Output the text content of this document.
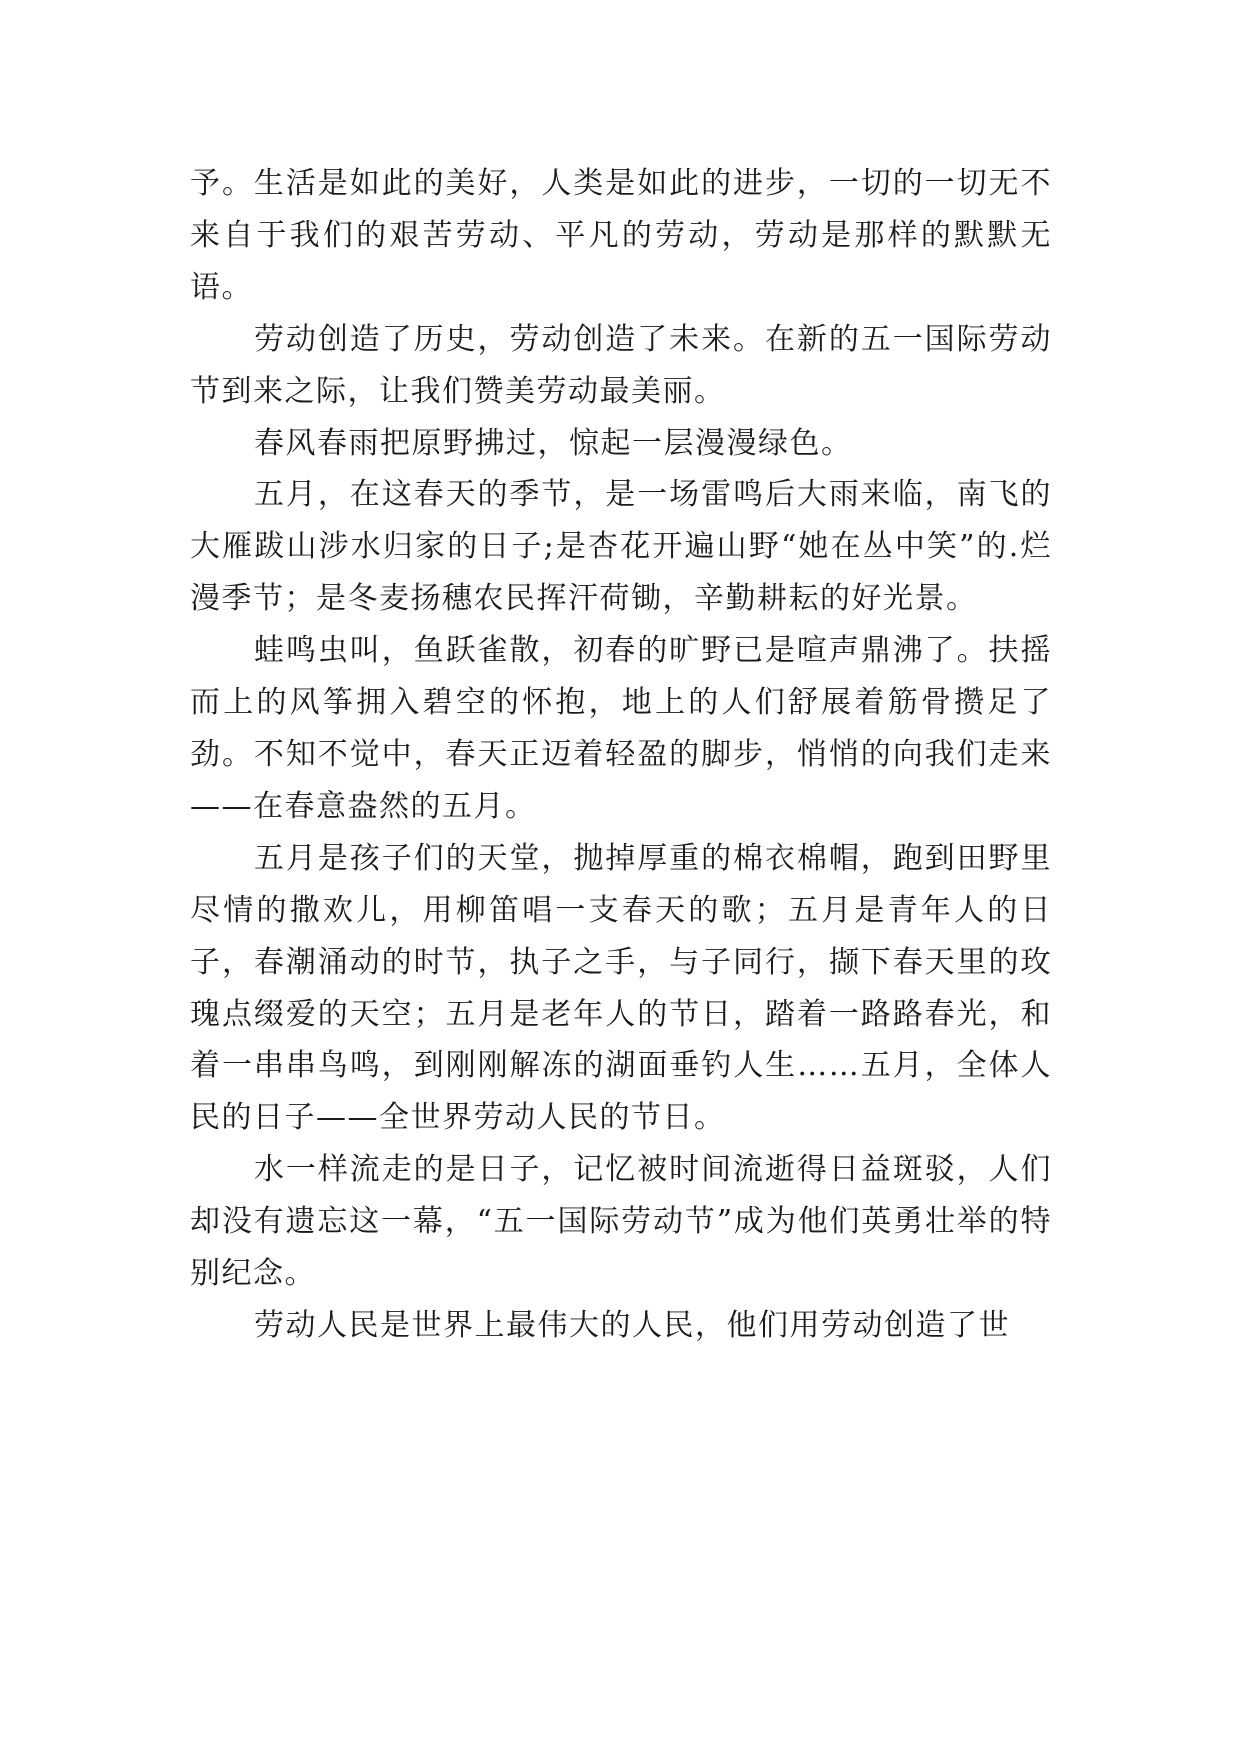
予。生活是如此的美好，人类是如此的进步，一切的一切无不来自于我们的艰苦劳动、平凡的劳动，劳动是那样的默默无语。

劳动创造了历史，劳动创造了未来。在新的五一国际劳动节到来之际，让我们赞美劳动最美丽。

春风春雨把原野拂过，惊起一层漫漫绿色。

五月，在这春天的季节，是一场雷鸣后大雨来临，南飞的大雁跋山涉水归家的日子;是杏花开遍山野“她在丛中笑”的.烂漫季节；是冬麦扬穗农民挥汗荷锄，辛勤耕耘的好光景。

蛙鸣虫叫，鱼跃雀散，初春的旷野已是喧声鼎沸了。扶摇而上的风筝拥入碧空的怀抱，地上的人们舒展着筋骨攒足了劲。不知不觉中，春天正迈着轻盈的脚步，悄悄的向我们走来——在春意盎然的五月。

五月是孩子们的天堂，抛掉厚重的棉衣棉帽，跑到田野里尽情的撒欢儿，用柳笛唱一支春天的歌；五月是青年人的日子，春潮涌动的时节，执子之手，与子同行，撷下春天里的玫瑰点缀爱的天空；五月是老年人的节日，踏着一路路春光，和着一串串鸟鸣，到刚刚解冻的湖面垂钓人生……五月，全体人民的日子——全世界劳动人民的节日。

水一样流走的是日子，记忆被时间流逝得日益斑驳，人们却没有遗忘这一幕，“五一国际劳动节”成为他们英勇壮举的特别纪念。

劳动人民是世界上最伟大的人民，他们用劳动创造了世
